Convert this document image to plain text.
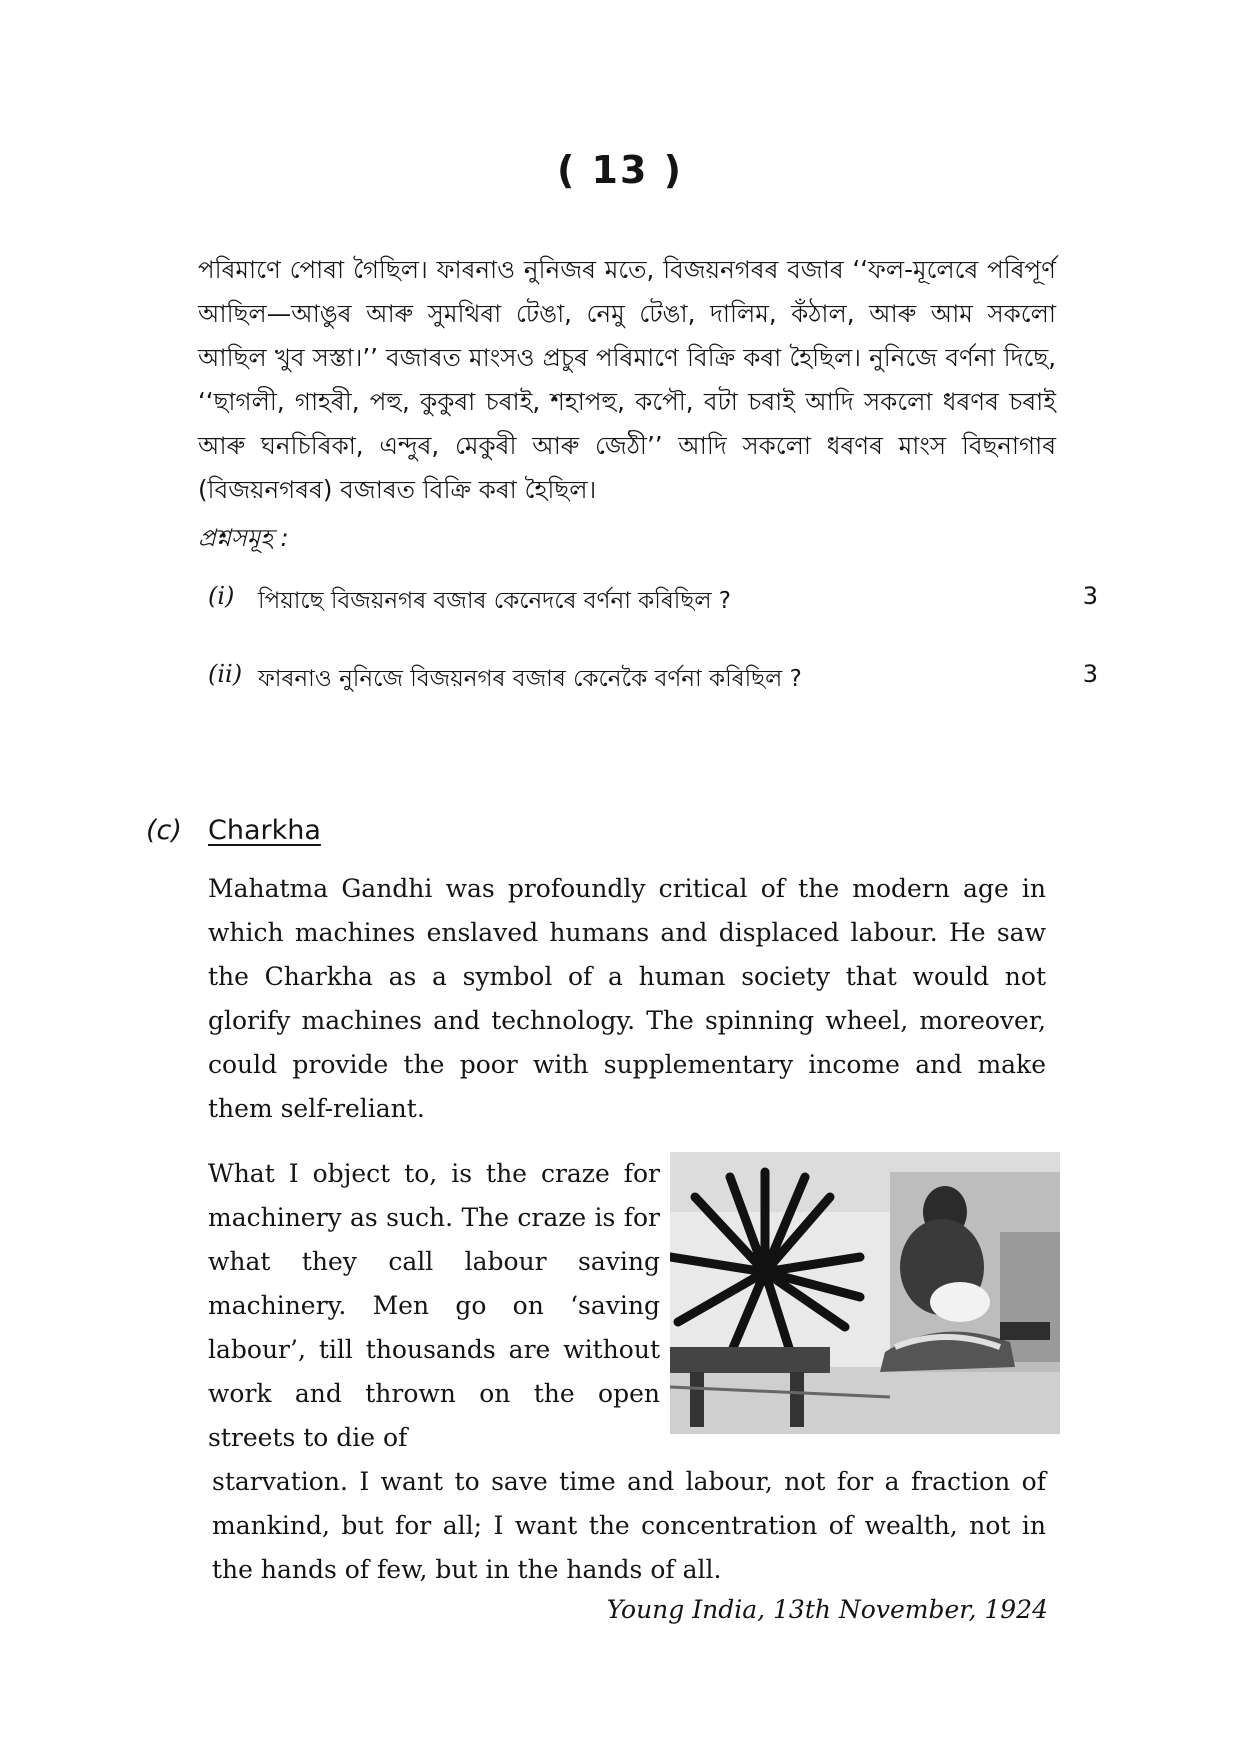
( 13 )
পৰিমাণে পোৰা গৈছিল। ফাৰনাও নুনিজৰ মতে, বিজয়নগৰৰ বজাৰ ‘‘ফল-মূলেৰে পৰিপূৰ্ণ আছিল—আঙুৰ আৰু সুমথিৰা টেঙা, নেমু টেঙা, দালিম, কঁঠাল, আৰু আম সকলো আছিল খুব সস্তা।’’ বজাৰত মাংসও প্ৰচুৰ পৰিমাণে বিক্ৰি কৰা হৈছিল। নুনিজে বৰ্ণনা দিছে, ‘‘ছাগলী, গাহৰী, পহু, কুকুৰা চৰাই, শহাপহু, কপৌ, বটা চৰাই আদি সকলো ধৰণৰ চৰাই আৰু ঘনচিৰিকা, এন্দুৰ, মেকুৰী আৰু জেঠী’’ আদি সকলো ধৰণৰ মাংস বিছনাগাৰ (বিজয়নগৰৰ) বজাৰত বিক্ৰি কৰা হৈছিল।
প্ৰশ্নসমূহ :
(i) পিয়াছে বিজয়নগৰ বজাৰ কেনেদৰে বৰ্ণনা কৰিছিল ?	3
(ii) ফাৰনাও নুনিজে বিজয়নগৰ বজাৰ কেনেকৈ বৰ্ণনা কৰিছিল ?	3
(c) Charkha
Mahatma Gandhi was profoundly critical of the modern age in which machines enslaved humans and displaced labour. He saw the Charkha as a symbol of a human society that would not glorify machines and technology. The spinning wheel, moreover, could provide the poor with supplementary income and make them self-reliant.
What I object to, is the craze for machinery as such. The craze is for what they call labour saving machinery. Men go on ‘saving labour’, till thousands are without work and thrown on the open streets to die of
starvation. I want to save time and labour, not for a fraction of mankind, but for all; I want the concentration of wealth, not in the hands of few, but in the hands of all.
Young India, 13th November, 1924
